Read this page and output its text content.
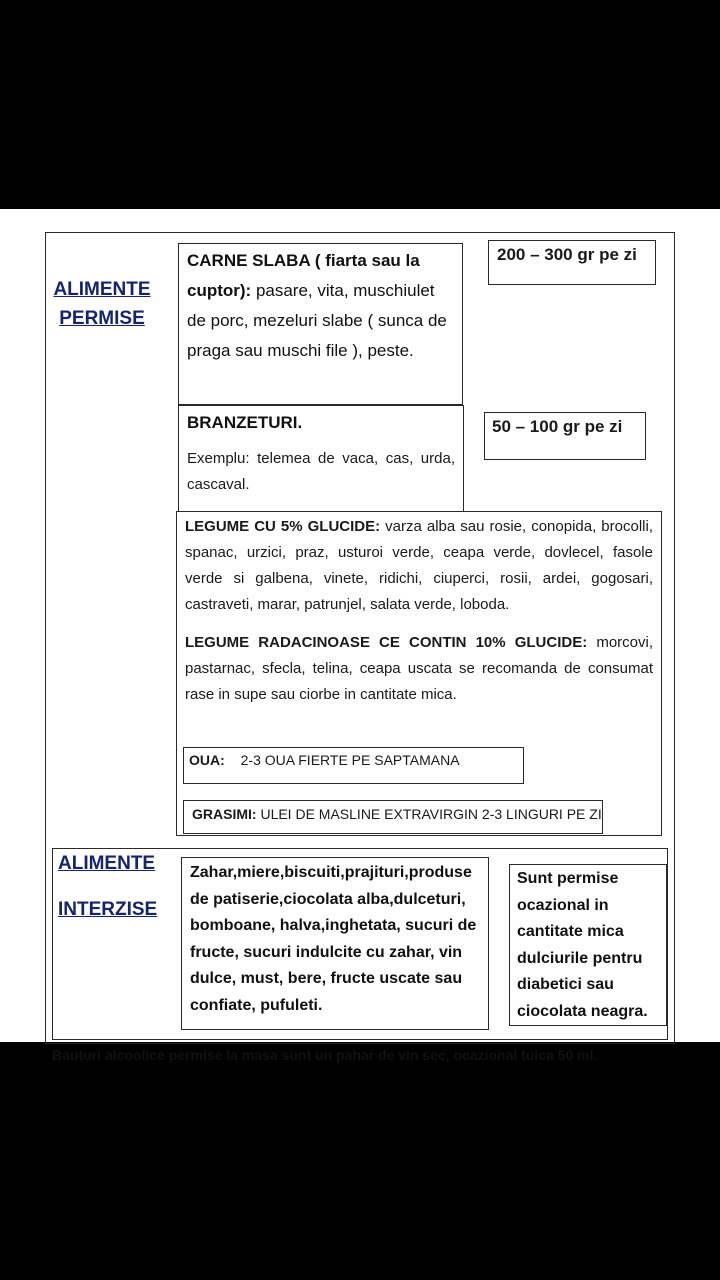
ALIMENTE
PERMISE
CARNE SLABA ( fiarta sau la cuptor): pasare, vita, muschiulet de porc, mezeluri slabe ( sunca de praga sau muschi file ), peste.
200 – 300 gr pe zi
BRANZETURI.
Exemplu: telemea de vaca, cas, urda, cascaval.
50 – 100 gr pe zi
LEGUME CU 5% GLUCIDE: varza alba sau rosie, conopida, brocolli, spanac, urzici, praz, usturoi verde, ceapa verde, dovlecel, fasole verde si galbena, vinete, ridichi, ciuperci, rosii, ardei, gogosari, castraveti, marar, patrunjel, salata verde, loboda.
LEGUME RADACINOASE CE CONTIN 10% GLUCIDE: morcovi, pastarnac, sfecla, telina, ceapa uscata se recomanda de consumat rase in supe sau ciorbe in cantitate mica.
OUA: 2-3 OUA FIERTE PE SAPTAMANA
GRASIMI: ULEI DE MASLINE EXTRAVIRGIN 2-3 LINGURI PE ZI
ALIMENTE
INTERZISE
Zahar,miere,biscuiti,prajituri,produse de patiserie,ciocolata alba,dulceturi, bomboane, halva,inghetata, sucuri de fructe, sucuri indulcite cu zahar, vin dulce, must, bere, fructe uscate sau confiate, pufuleti.
Sunt permise ocazional in cantitate mica dulciurile pentru diabetici sau ciocolata neagra.
Bauturi alcoolice permise la masa sunt un pahar de vin sec, ocazional tuica 50 ml.
